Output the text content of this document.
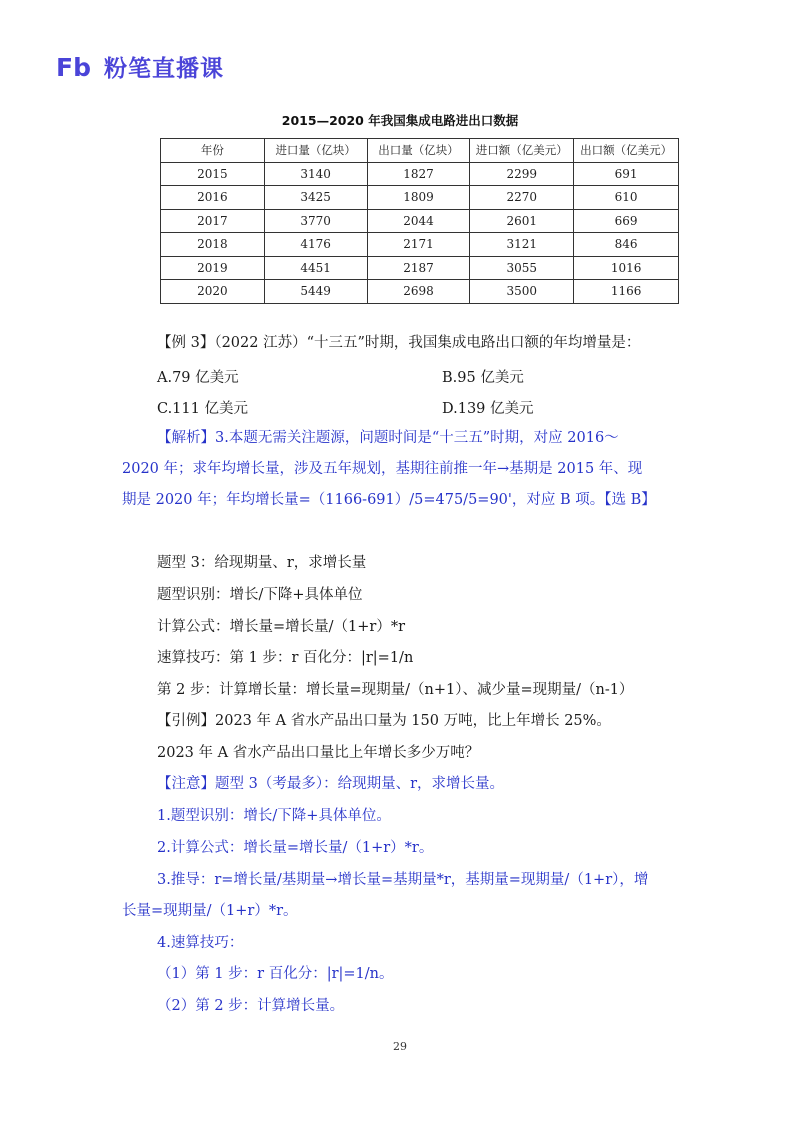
Fb 粉笔直播课
2015—2020 年我国集成电路进出口数据
年份	进口量（亿块）	出口量（亿块）	进口额（亿美元）	出口额（亿美元）
2015	3140	1827	2299	691
2016	3425	1809	2270	610
2017	3770	2044	2601	669
2018	4176	2171	3121	846
2019	4451	2187	3055	1016
2020	5449	2698	3500	1166
【例 3】（2022 江苏）“十三五”时期，我国集成电路出口额的年均增量是：
A.79 亿美元	B.95 亿美元
C.111 亿美元	D.139 亿美元
【解析】3.本题无需关注题源，问题时间是“十三五”时期，对应 2016～
2020 年；求年均增长量，涉及五年规划，基期往前推一年→基期是 2015 年、现
期是 2020 年；年均增长量=（1166-691）/5=475/5=90'，对应 B 项。【选 B】
题型 3：给现期量、r，求增长量
题型识别：增长/下降+具体单位
计算公式：增长量=增长量/（1+r）*r
速算技巧：第 1 步：r 百化分：|r|=1/n
第 2 步：计算增长量：增长量=现期量/（n+1）、减少量=现期量/（n-1）
【引例】2023 年 A 省水产品出口量为 150 万吨，比上年增长 25%。
2023 年 A 省水产品出口量比上年增长多少万吨？
【注意】题型 3（考最多）：给现期量、r，求增长量。
1.题型识别：增长/下降+具体单位。
2.计算公式：增长量=增长量/（1+r）*r。
3.推导：r=增长量/基期量→增长量=基期量*r，基期量=现期量/（1+r），增
长量=现期量/（1+r）*r。
4.速算技巧：
（1）第 1 步：r 百化分：|r|=1/n。
（2）第 2 步：计算增长量。
29
